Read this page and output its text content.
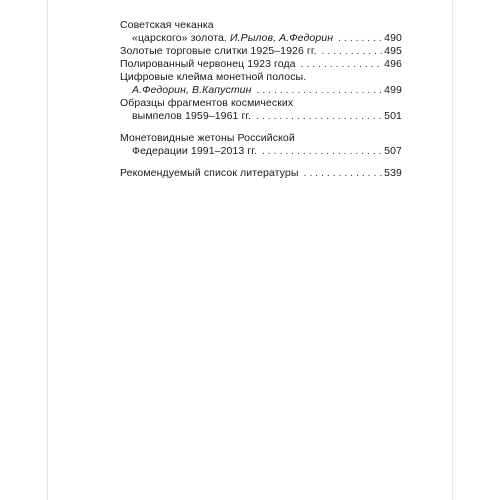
Советская чеканка
«царского» золота. И.Рылов, А.Федорин . . .	490
Золотые торговые слитки 1925–1926 гг. . . .	495
Полированный червонец 1923 года . . .	496
Цифровые клейма монетной полосы.
А.Федорин, В.Капустин . . .	499
Образцы фрагментов космических
вымпелов 1959–1961 гг. . . .	501
Монетовидные жетоны Российской
Федерации 1991–2013 гг. . . .	507
Рекомендуемый список литературы . . .	539
